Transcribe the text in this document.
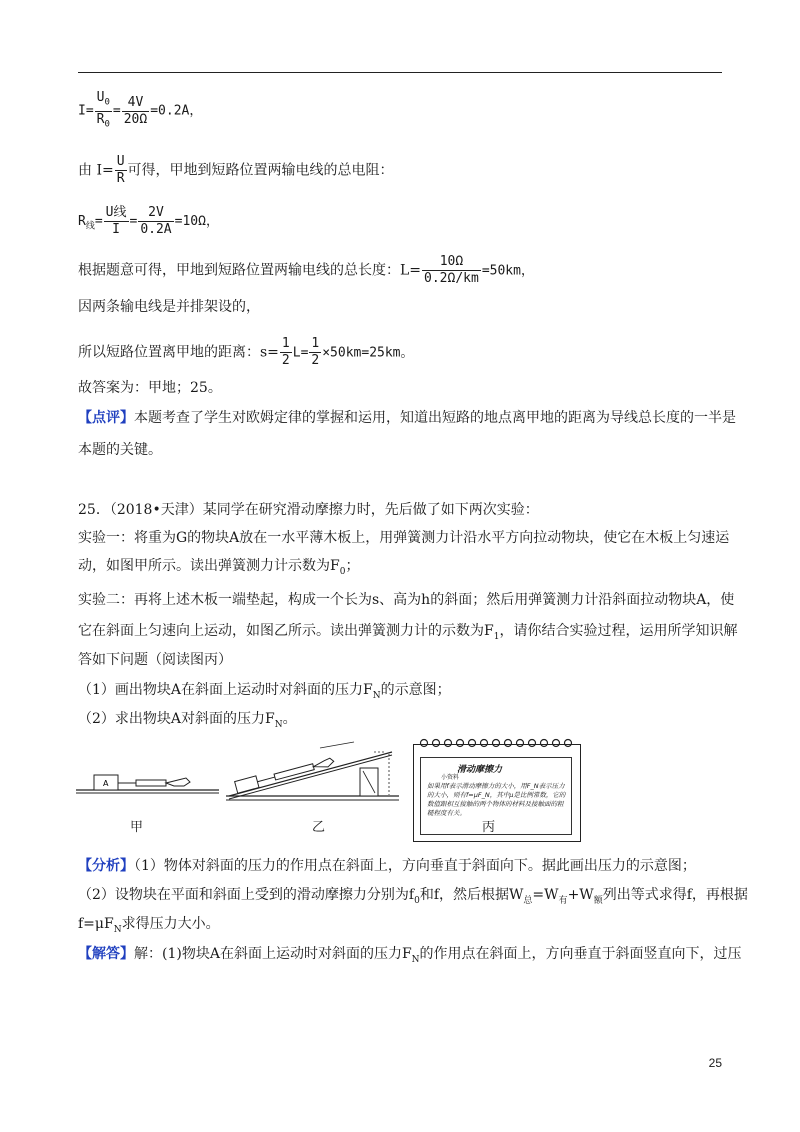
$I= \frac{U_0}{R_0} = \frac{4V}{20\Omega} =0.2A$，
由 $I= \frac{U}{R}$ 可得，甲地到短路位置两输电线的总电阻：
$R_线= \frac{\text{U线}}{I} = \frac{2V}{0.2A} =10\Omega$，
根据题意可得，甲地到短路位置两输电线的总长度：$L= \frac{10\Omega}{0.2\Omega/km} =50km$，
因两条输电线是并排架设的，
所以短路位置离甲地的距离：$s= \frac{1}{2} L= \frac{1}{2} \times 50km=25km$。
故答案为：甲地；25。
【点评】本题考查了学生对欧姆定律的掌握和运用，知道出短路的地点离甲地的距离为导线总长度的一半是
本题的关键。
25．（2018•天津）某同学在研究滑动摩擦力时，先后做了如下两次实验：
实验一：将重为G的物块A放在一水平薄木板上，用弹簧测力计沿水平方向拉动物块，使它在木板上匀速运
动，如图甲所示。读出弹簧测力计示数为$F_0$；
实验二：再将上述木板一端垫起，构成一个长为s、高为h的斜面；然后用弹簧测力计沿斜面拉动物块A，使
它在斜面上匀速向上运动，如图乙所示。读出弹簧测力计的示数为$F_1$，请你结合实验过程，运用所学知识解
答如下问题（阅读图丙）
（1）画出物块A在斜面上运动时对斜面的压力$F_N$的示意图；
（2）求出物块A对斜面的压力$F_N$。
A
滑动摩擦力
小资料
如果用f表示滑动摩擦力的大小，用F_N表示压力的大小，则有f=μF_N，其中μ是比例常数，它的数值跟相互接触的两个物体的材料及接触面的粗糙程度有关。
甲	乙	丙
【分析】（1）物体对斜面的压力的作用点在斜面上，方向垂直于斜面向下。据此画出压力的示意图；
（2）设物块在平面和斜面上受到的滑动摩擦力分别为$f_0$和f，然后根据$W_总=W_有+W_额$列出等式求得f，再根据
$f=\mu F_N$求得压力大小。
【解答】解：(1)物块A在斜面上运动时对斜面的压力$F_N$的作用点在斜面上，方向垂直于斜面竖直向下，过压
25
